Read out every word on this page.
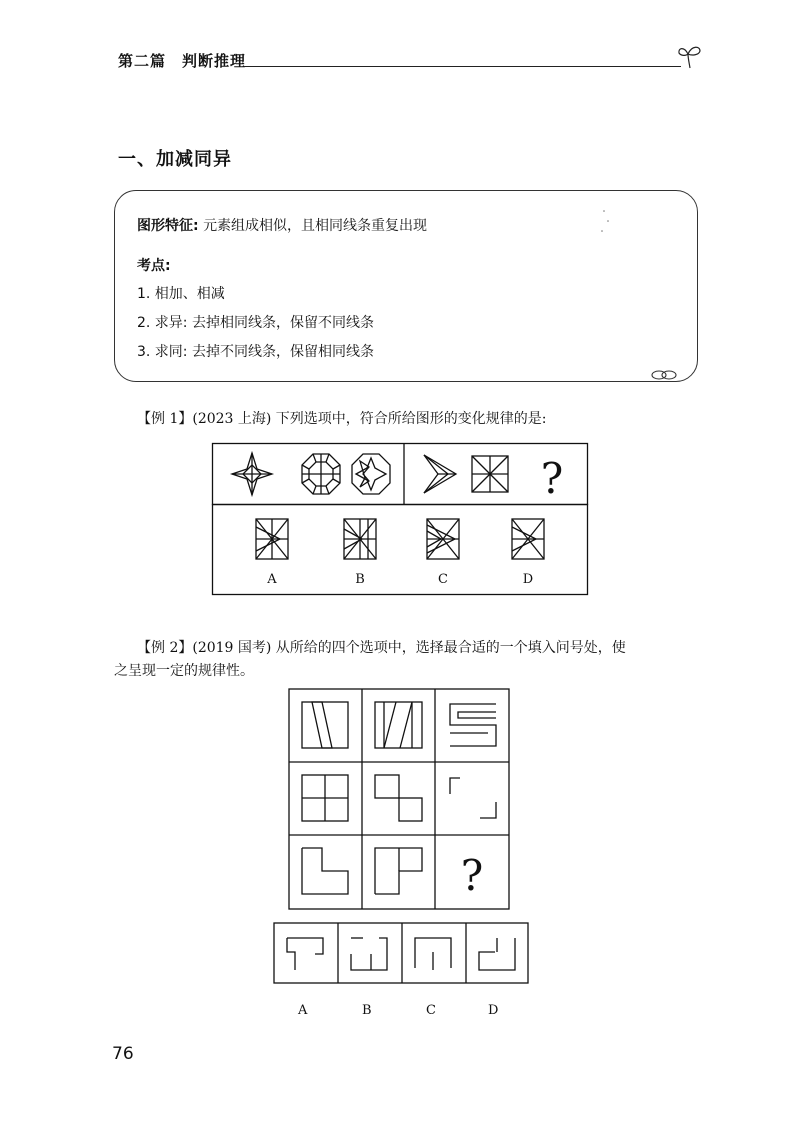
第二篇 判断推理
一、加减同异
图形特征: 元素组成相似，且相同线条重复出现
考点:
1. 相加、相减
2. 求异: 去掉相同线条，保留不同线条
3. 求同: 去掉不同线条，保留相同线条
【例 1】(2023 上海) 下列选项中，符合所给图形的变化规律的是:
?
A	B	C	D
【例 2】(2019 国考) 从所给的四个选项中，选择最合适的一个填入问号处，使
之呈现一定的规律性。
?
A	B	C	D
76
